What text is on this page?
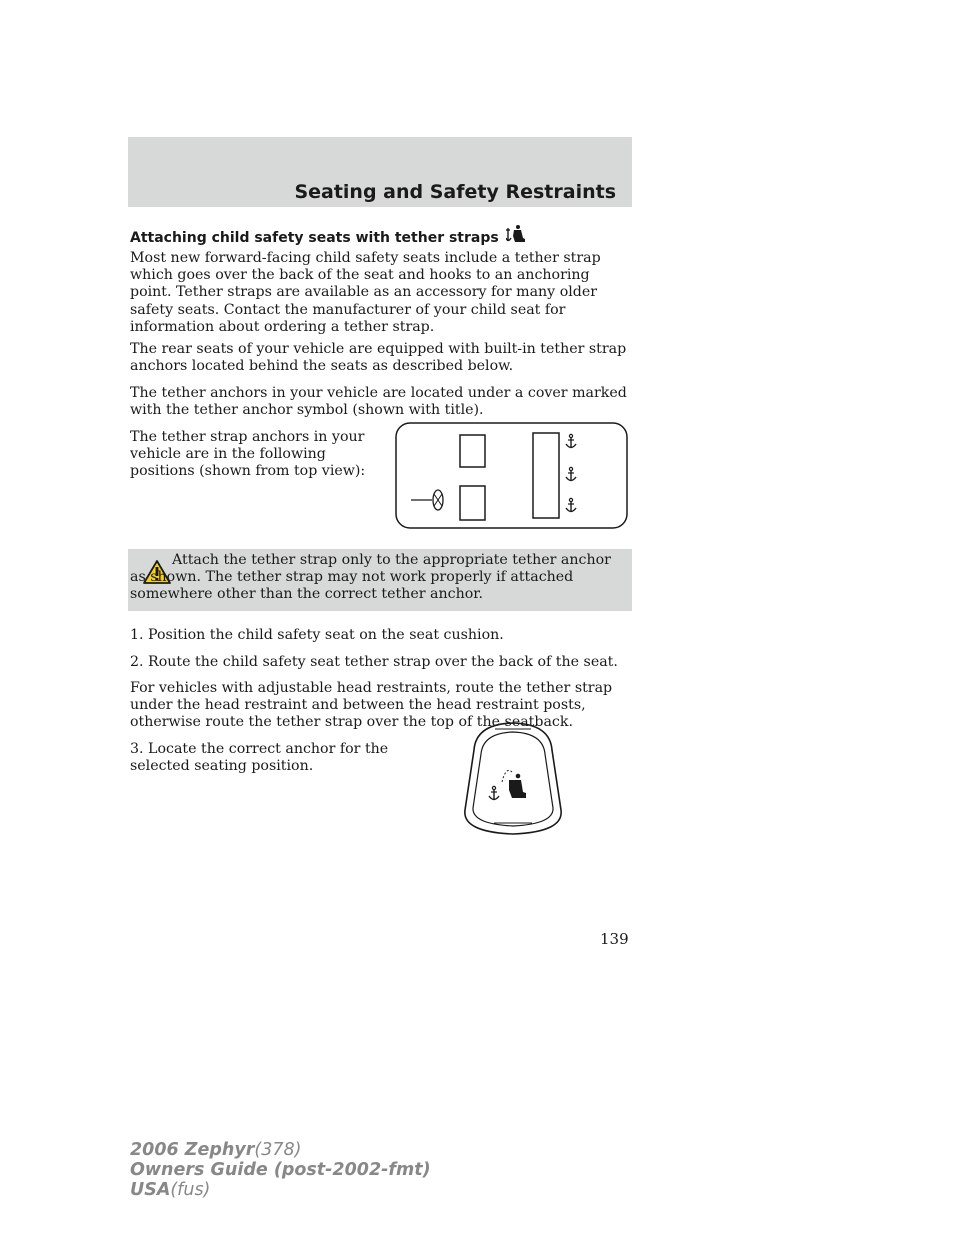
Seating and Safety Restraints
Attaching child safety seats with tether straps

Most new forward-facing child safety seats include a tether strap which goes over the back of the seat and hooks to an anchoring point. Tether straps are available as an accessory for many older safety seats. Contact the manufacturer of your child seat for information about ordering a tether strap.

The rear seats of your vehicle are equipped with built-in tether strap anchors located behind the seats as described below.

The tether anchors in your vehicle are located under a cover marked with the tether anchor symbol (shown with title).

The tether strap anchors in your vehicle are in the following positions (shown from top view):

Attach the tether strap only to the appropriate tether anchor as shown. The tether strap may not work properly if attached somewhere other than the correct tether anchor.

1. Position the child safety seat on the seat cushion.

2. Route the child safety seat tether strap over the back of the seat.

For vehicles with adjustable head restraints, route the tether strap under the head restraint and between the head restraint posts, otherwise route the tether strap over the top of the seatback.

3. Locate the correct anchor for the selected seating position.

139
2006 Zephyr(378)
Owners Guide (post-2002-fmt)
USA(fus)
